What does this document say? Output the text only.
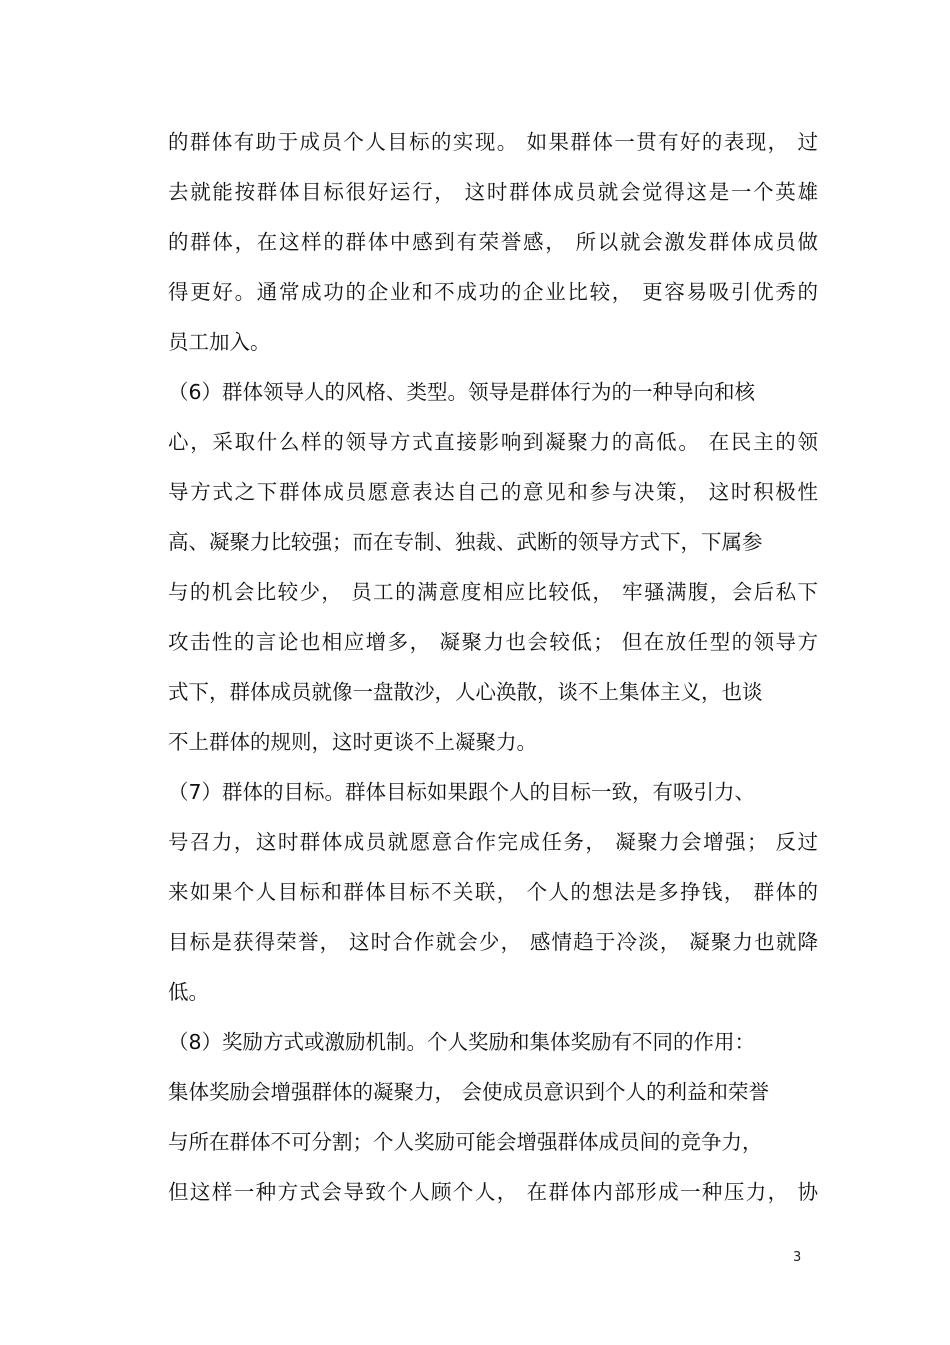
的群体有助于成员个人目标的实现。 如果群体一贯有好的表现， 过
去就能按群体目标很好运行， 这时群体成员就会觉得这是一个英雄
的群体，在这样的群体中感到有荣誉感， 所以就会激发群体成员做
得更好。通常成功的企业和不成功的企业比较， 更容易吸引优秀的
员工加入。
（6）群体领导人的风格、类型。领导是群体行为的一种导向和核
心，采取什么样的领导方式直接影响到凝聚力的高低。 在民主的领
导方式之下群体成员愿意表达自己的意见和参与决策， 这时积极性
高、凝聚力比较强；而在专制、独裁、武断的领导方式下，下属参
与的机会比较少， 员工的满意度相应比较低， 牢骚满腹，会后私下
攻击性的言论也相应增多， 凝聚力也会较低； 但在放任型的领导方
式下，群体成员就像一盘散沙，人心涣散，谈不上集体主义，也谈
不上群体的规则，这时更谈不上凝聚力。
（7）群体的目标。群体目标如果跟个人的目标一致，有吸引力、
号召力，这时群体成员就愿意合作完成任务， 凝聚力会增强； 反过
来如果个人目标和群体目标不关联， 个人的想法是多挣钱， 群体的
目标是获得荣誉， 这时合作就会少， 感情趋于冷淡， 凝聚力也就降
低。
（8）奖励方式或激励机制。个人奖励和集体奖励有不同的作用：
集体奖励会增强群体的凝聚力， 会使成员意识到个人的利益和荣誉
与所在群体不可分割；个人奖励可能会增强群体成员间的竞争力，
但这样一种方式会导致个人顾个人， 在群体内部形成一种压力， 协
3
